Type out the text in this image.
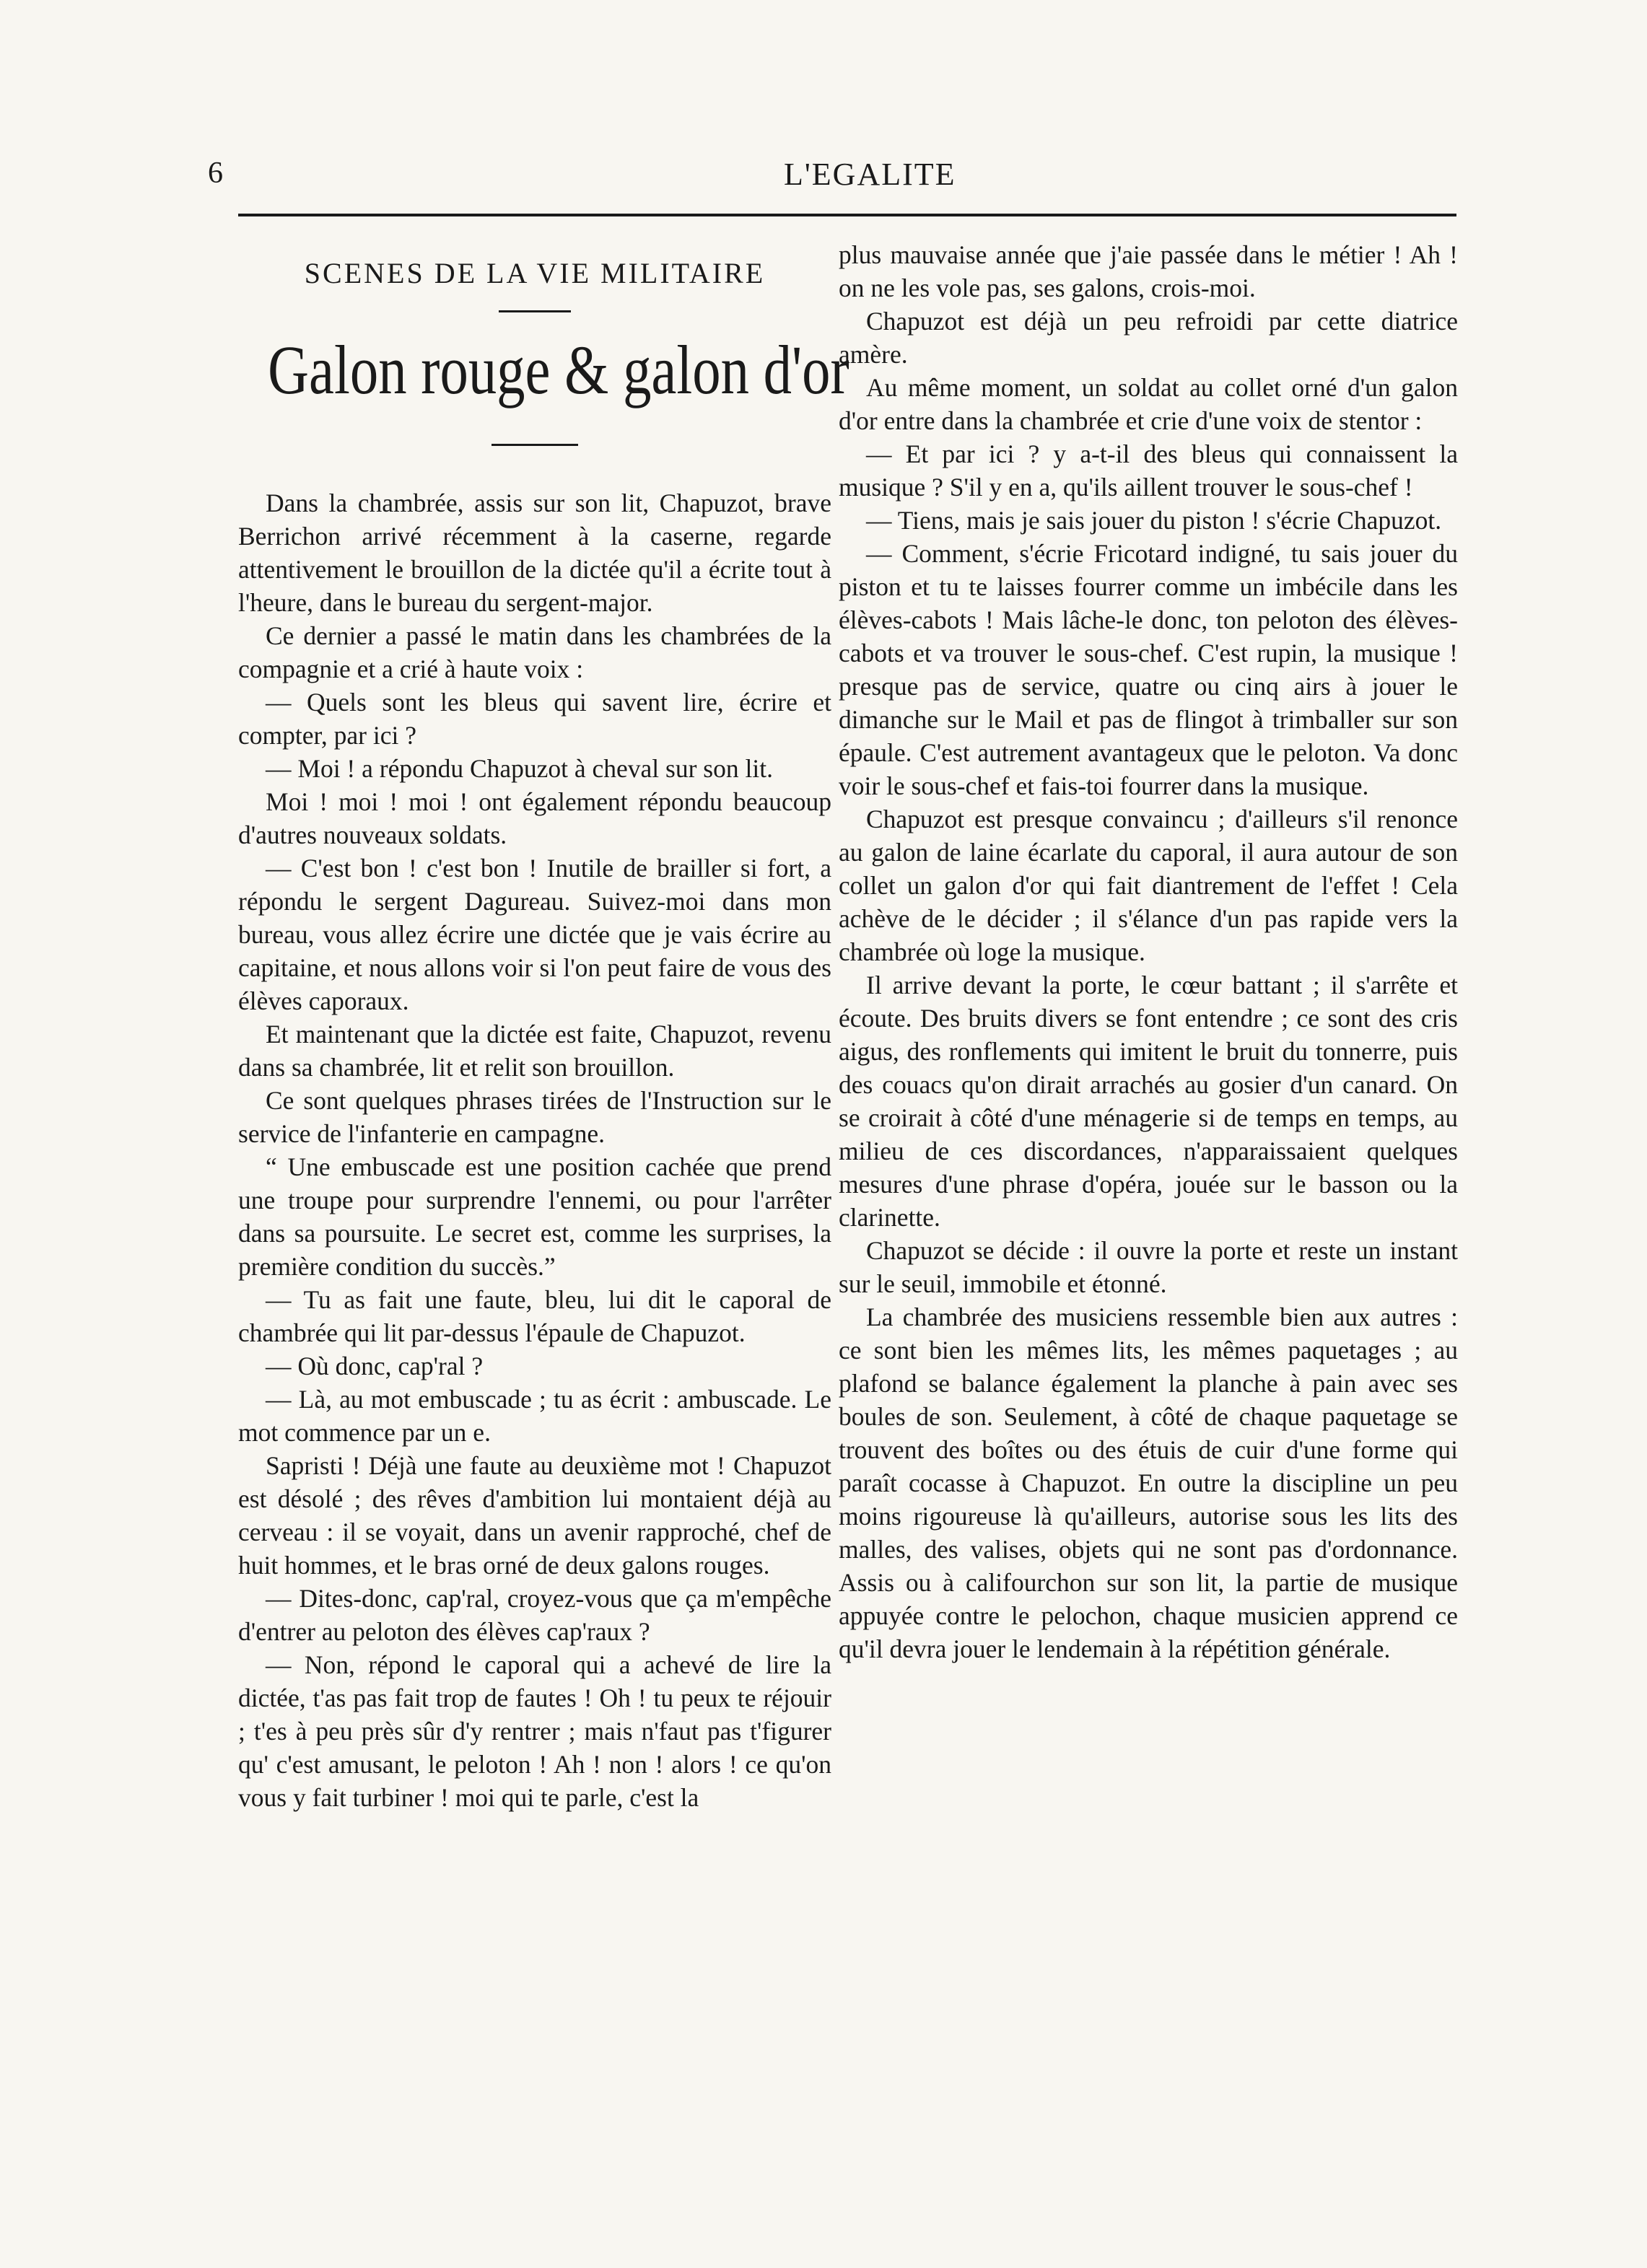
6	L'EGALITE

SCENES DE LA VIE MILITAIRE

Galon rouge & galon d'or

Dans la chambrée, assis sur son lit, Chapuzot, brave Berrichon arrivé récemment à la caserne, regarde attentivement le brouillon de la dictée qu'il a écrite tout à l'heure, dans le bureau du sergent-major.

Ce dernier a passé le matin dans les chambrées de la compagnie et a crié à haute voix :

— Quels sont les bleus qui savent lire, écrire et compter, par ici ?

— Moi ! a répondu Chapuzot à cheval sur son lit.

Moi ! moi ! moi ! ont également répondu beaucoup d'autres nouveaux soldats.

— C'est bon ! c'est bon ! Inutile de brailler si fort, a répondu le sergent Dagureau. Suivez-moi dans mon bureau, vous allez écrire une dictée que je vais écrire au capitaine, et nous allons voir si l'on peut faire de vous des élèves caporaux.

Et maintenant que la dictée est faite, Chapuzot, revenu dans sa chambrée, lit et relit son brouillon.

Ce sont quelques phrases tirées de l'Instruction sur le service de l'infanterie en campagne.

“ Une embuscade est une position cachée que prend une troupe pour surprendre l'ennemi, ou pour l'arrêter dans sa poursuite. Le secret est, comme les surprises, la première condition du succès.”

— Tu as fait une faute, bleu, lui dit le caporal de chambrée qui lit par-dessus l'épaule de Chapuzot.

— Où donc, cap'ral ?

— Là, au mot embuscade ; tu as écrit : ambuscade. Le mot commence par un e.

Sapristi ! Déjà une faute au deuxième mot ! Chapuzot est désolé ; des rêves d'ambition lui montaient déjà au cerveau : il se voyait, dans un avenir rapproché, chef de huit hommes, et le bras orné de deux galons rouges.

— Dites-donc, cap'ral, croyez-vous que ça m'empêche d'entrer au peloton des élèves cap'raux ?

— Non, répond le caporal qui a achevé de lire la dictée, t'as pas fait trop de fautes ! Oh ! tu peux te réjouir ; t'es à peu près sûr d'y rentrer ; mais n'faut pas t'figurer qu' c'est amusant, le peloton ! Ah ! non ! alors ! ce qu'on vous y fait turbiner ! moi qui te parle, c'est la

plus mauvaise année que j'aie passée dans le métier ! Ah ! on ne les vole pas, ses galons, crois-moi.

Chapuzot est déjà un peu refroidi par cette diatrice amère.

Au même moment, un soldat au collet orné d'un galon d'or entre dans la chambrée et crie d'une voix de stentor :

— Et par ici ? y a-t-il des bleus qui connaissent la musique ? S'il y en a, qu'ils aillent trouver le sous-chef !

— Tiens, mais je sais jouer du piston ! s'écrie Chapuzot.

— Comment, s'écrie Fricotard indigné, tu sais jouer du piston et tu te laisses fourrer comme un imbécile dans les élèves-cabots ! Mais lâche-le donc, ton peloton des élèves-cabots et va trouver le sous-chef. C'est rupin, la musique ! presque pas de service, quatre ou cinq airs à jouer le dimanche sur le Mail et pas de flingot à trimballer sur son épaule. C'est autrement avantageux que le peloton. Va donc voir le sous-chef et fais-toi fourrer dans la musique.

Chapuzot est presque convaincu ; d'ailleurs s'il renonce au galon de laine écarlate du caporal, il aura autour de son collet un galon d'or qui fait diantrement de l'effet ! Cela achève de le décider ; il s'élance d'un pas rapide vers la chambrée où loge la musique.

Il arrive devant la porte, le cœur battant ; il s'arrête et écoute. Des bruits divers se font entendre ; ce sont des cris aigus, des ronflements qui imitent le bruit du tonnerre, puis des couacs qu'on dirait arrachés au gosier d'un canard. On se croirait à côté d'une ménagerie si de temps en temps, au milieu de ces discordances, n'apparaissaient quelques mesures d'une phrase d'opéra, jouée sur le basson ou la clarinette.

Chapuzot se décide : il ouvre la porte et reste un instant sur le seuil, immobile et étonné.

La chambrée des musiciens ressemble bien aux autres : ce sont bien les mêmes lits, les mêmes paquetages ; au plafond se balance également la planche à pain avec ses boules de son. Seulement, à côté de chaque paquetage se trouvent des boîtes ou des étuis de cuir d'une forme qui paraît cocasse à Chapuzot. En outre la discipline un peu moins rigoureuse là qu'ailleurs, autorise sous les lits des malles, des valises, objets qui ne sont pas d'ordonnance. Assis ou à califourchon sur son lit, la partie de musique appuyée contre le pelochon, chaque musicien apprend ce qu'il devra jouer le lendemain à la répétition générale.
